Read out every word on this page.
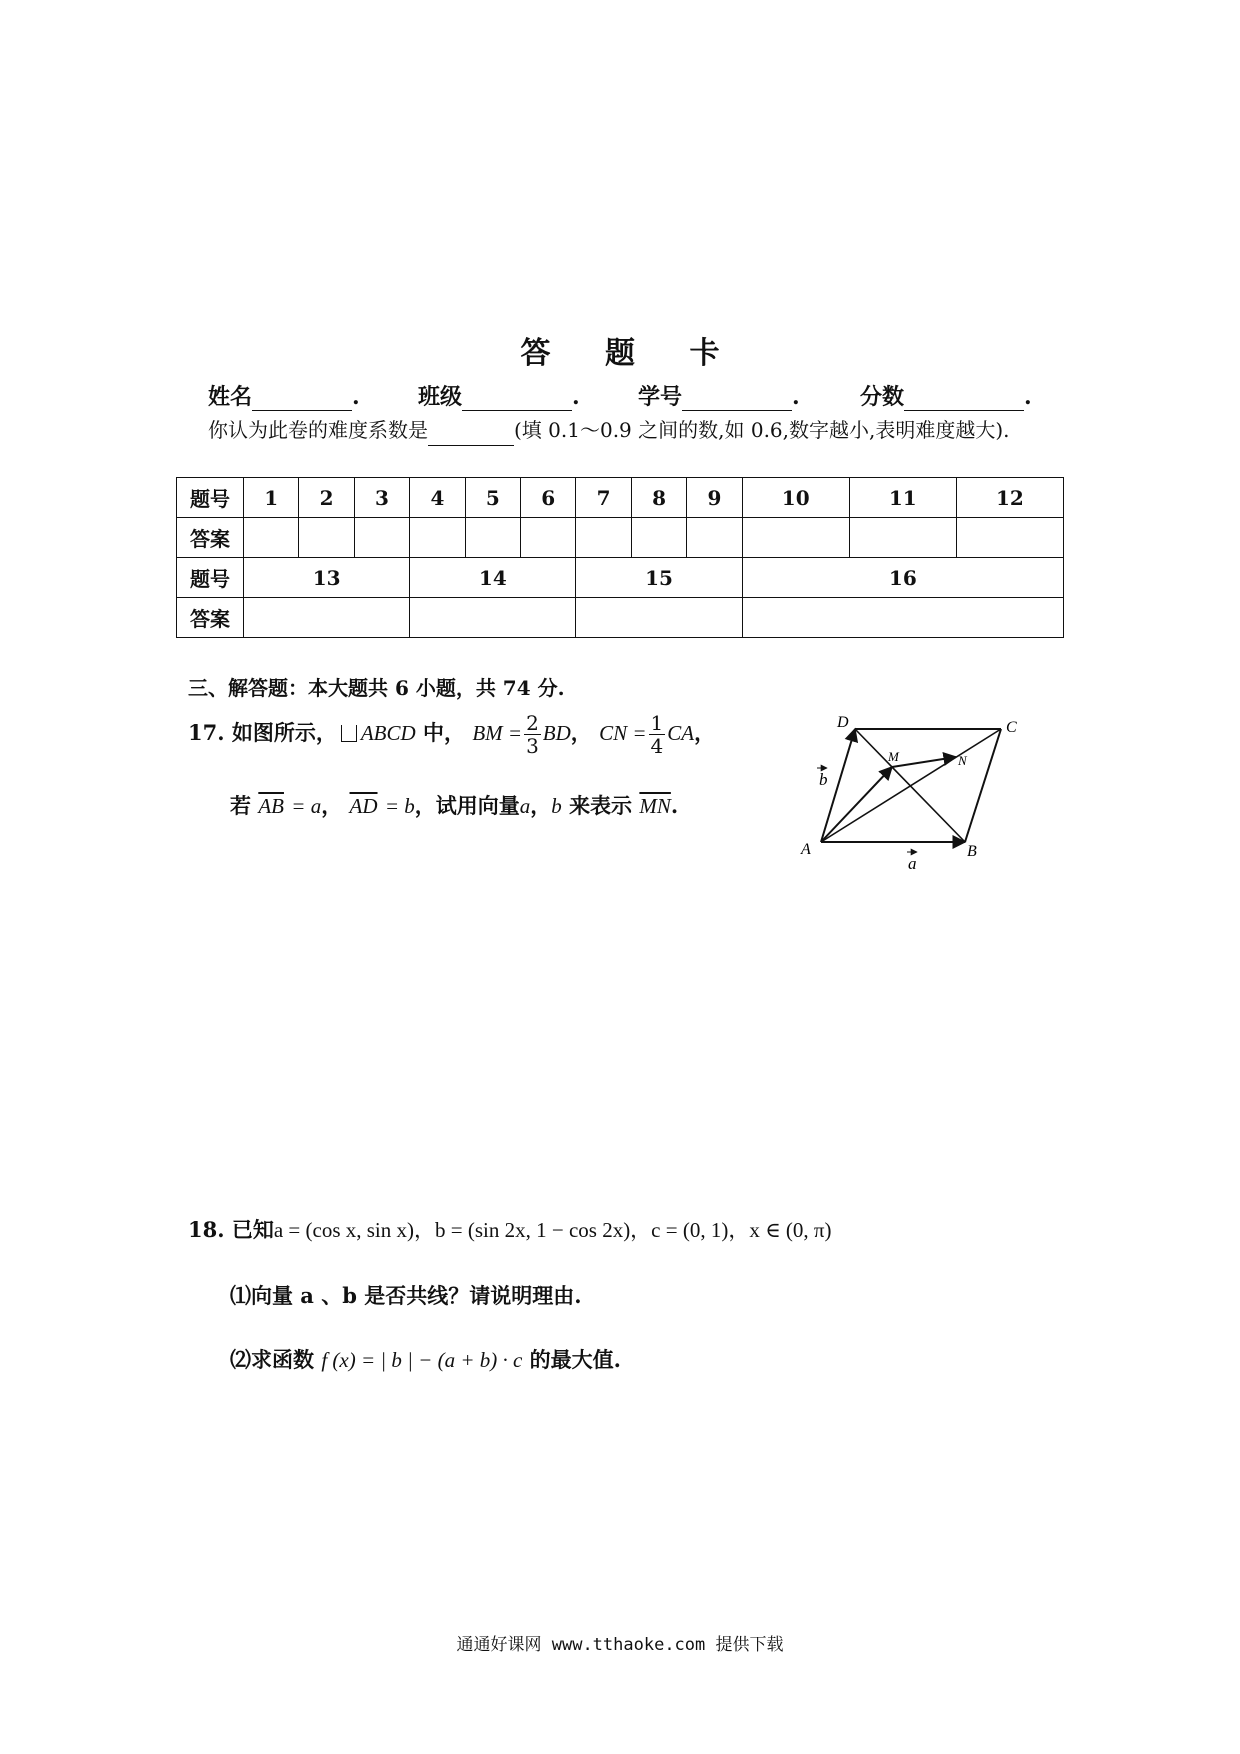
答 题 卡
姓名	.	班级	.	学号	.	分数	.
你认为此卷的难度系数是	(填 0.1～0.9 之间的数,如 0.6,数字越小,表明难度越大).
题号	1	2	3	4	5	6	7	8	9	10	11	12
答案												
题号	13			14			15			16		
答案												
三、解答题：本大题共 6 小题，共 74 分.
17. 如图所示， ABCD 中， BM = $\frac{2}{3}$ BD， CN = $\frac{1}{4}$ CA，
若 $\overline{AB} = a$， $\overline{AD} = b$，试用向量a，b 来表示 $\overline{MN}$.
A	B
C
D
M	N
a
b
18. 已知a = (cos x, sin x)，b = (sin 2x, 1 − cos 2x)，c = (0, 1)，x ∈ (0, π)
⑴向量 a 、b 是否共线？请说明理由.
⑵求函数 f (x) = | b | − (a + b) · c 的最大值.
通通好课网 www.tthaoke.com 提供下载
